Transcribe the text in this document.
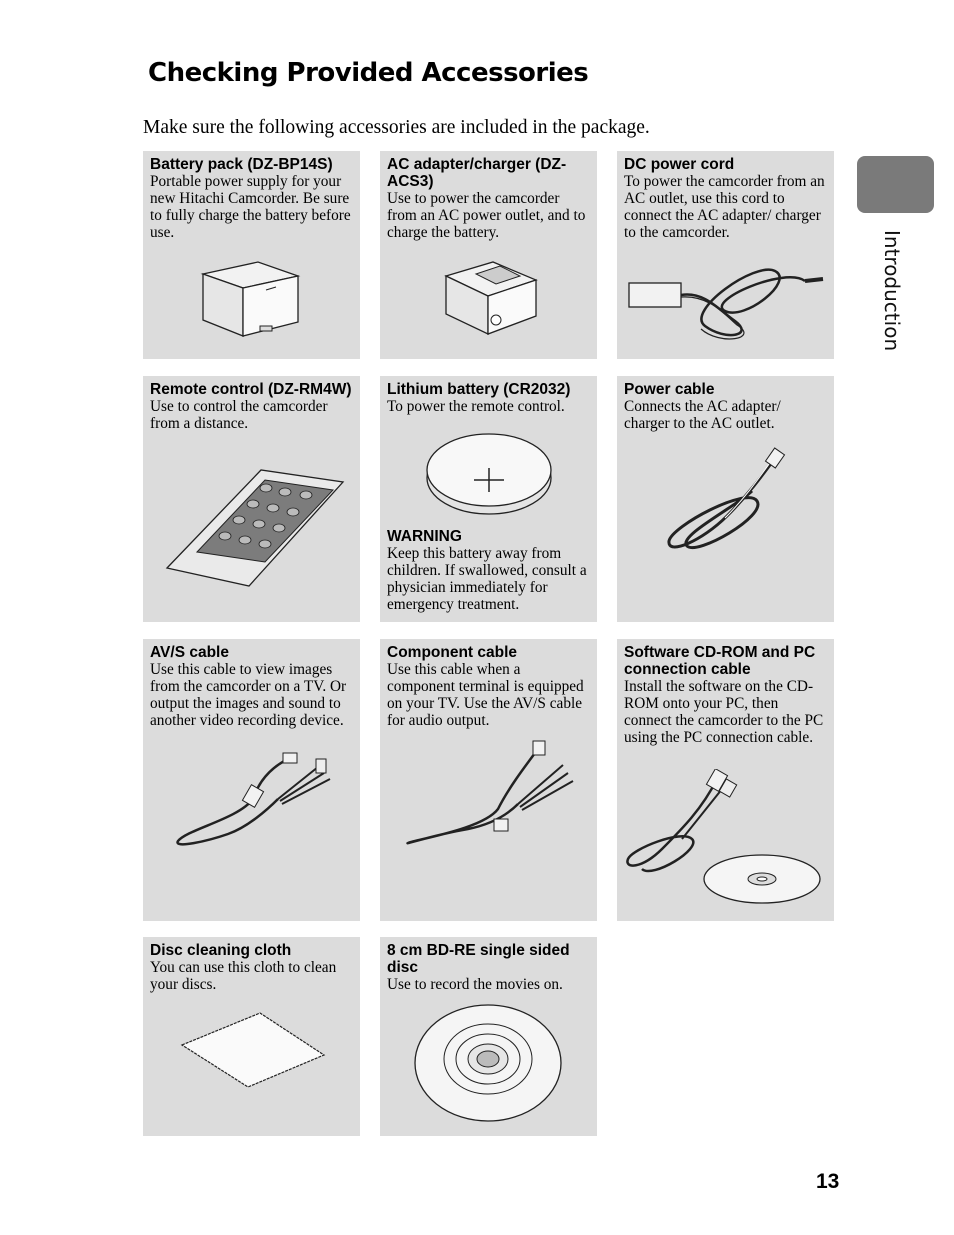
Checking Provided Accessories
Make sure the following accessories are included in the package.
Introduction
Battery pack (DZ-BP14S)

Portable power supply for your new Hitachi Camcorder. Be sure to fully charge the battery before use.

AC adapter/charger (DZ-ACS3)

Use to power the camcorder from an AC power outlet, and to charge the battery.

DC power cord

To power the camcorder from an AC outlet, use this cord to connect the AC adapter/ charger to the camcorder.

Remote control (DZ-RM4W)

Use to control the camcorder from a distance.

Lithium battery (CR2032)

To power the remote control.

WARNING

Keep this battery away from children. If swallowed, consult a physician immediately for emergency treatment.

Power cable

Connects the AC adapter/ charger to the AC outlet.

AV/S cable

Use this cable to view images from the camcorder on a TV. Or output the images and sound to another video recording device.

Component cable

Use this cable when a component terminal is equipped on your TV. Use the AV/S cable for audio output.

Software CD-ROM and PC connection cable

Install the software on the CD-ROM onto your PC, then connect the camcorder to the PC using the PC connection cable.

Disc cleaning cloth

You can use this cloth to clean your discs.

8 cm BD-RE single sided disc

Use to record the movies on.

13
